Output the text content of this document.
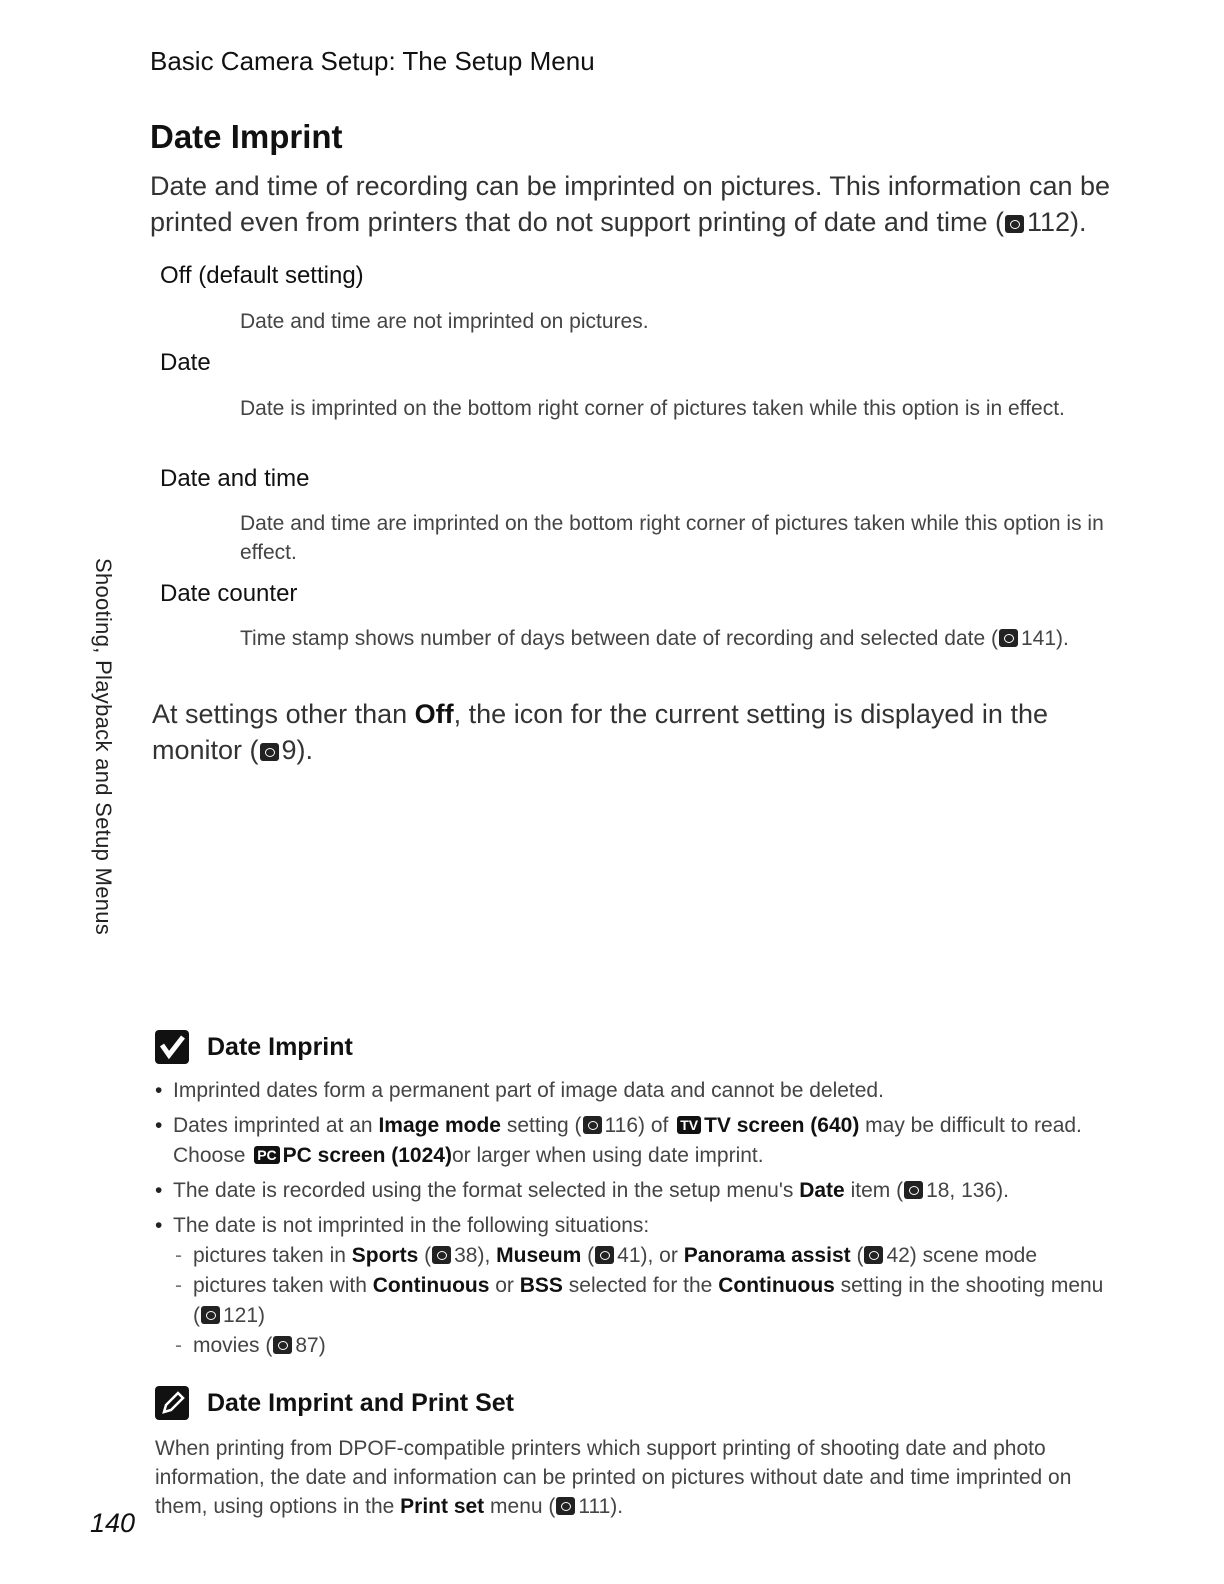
Basic Camera Setup: The Setup Menu
Shooting, Playback and Setup Menus
Date Imprint
Date and time of recording can be imprinted on pictures. This information can be printed even from printers that do not support printing of date and time ( 112).
Off (default setting)
Date and time are not imprinted on pictures.
Date
Date is imprinted on the bottom right corner of pictures taken while this option is in effect.
Date and time
Date and time are imprinted on the bottom right corner of pictures taken while this option is in effect.
Date counter
Time stamp shows number of days between date of recording and selected date ( 141).
At settings other than Off, the icon for the current setting is displayed in the monitor ( 9).
Date Imprint
• Imprinted dates form a permanent part of image data and cannot be deleted.
• Dates imprinted at an Image mode setting ( 116) of TV TV screen (640) may be difficult to read. Choose PC PC screen (1024)or larger when using date imprint.
• The date is recorded using the format selected in the setup menu's Date item ( 18, 136).
• The date is not imprinted in the following situations:
- pictures taken in Sports ( 38), Museum ( 41), or Panorama assist ( 42) scene mode
- pictures taken with Continuous or BSS selected for the Continuous setting in the shooting menu ( 121)
- movies ( 87)
Date Imprint and Print Set
When printing from DPOF-compatible printers which support printing of shooting date and photo information, the date and information can be printed on pictures without date and time imprinted on them, using options in the Print set menu ( 111).
140
